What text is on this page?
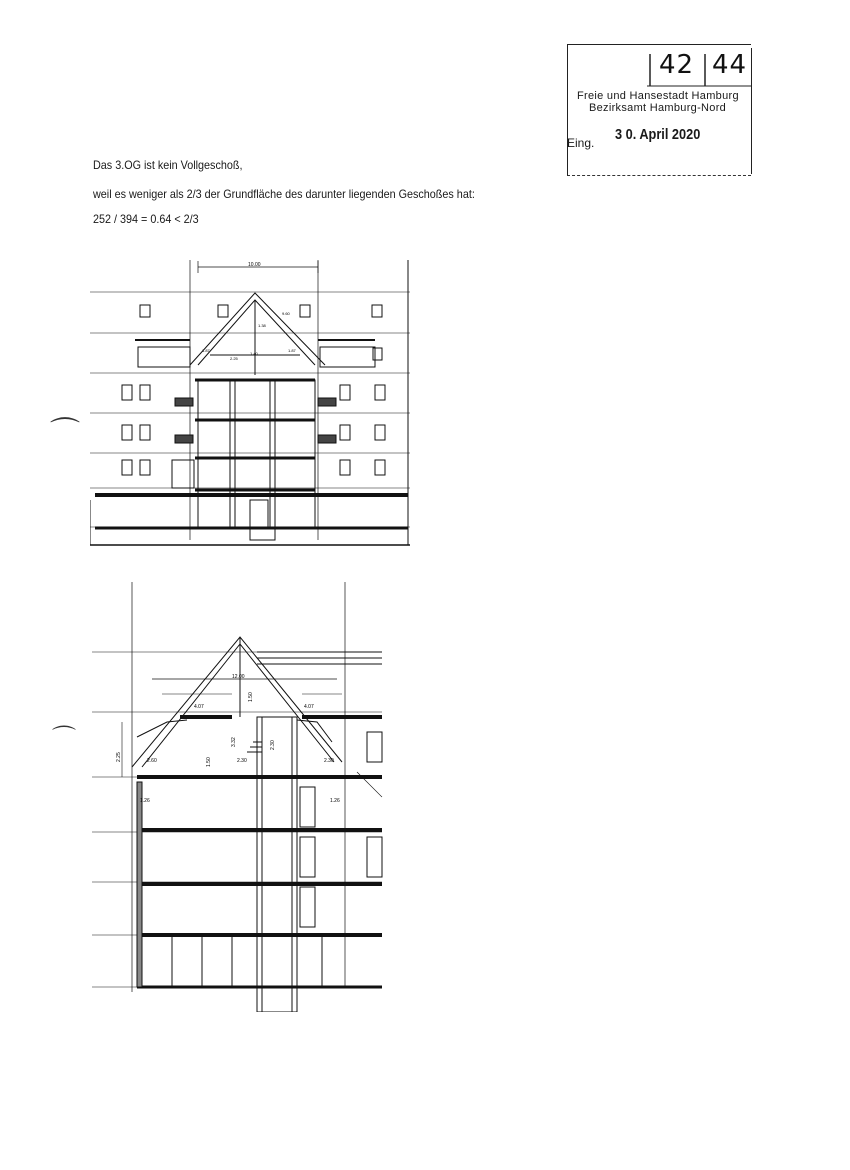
42 44
Freie und Hansestadt Hamburg
Bezirksamt Hamburg-Nord
Eing. 3 0. April 2020
Das 3.OG ist kein Vollgeschoß,
weil es weniger als 2/3 der Grundfläche des darunter liegenden Geschoßes hat:
252 / 394 = 0.64 < 2/3
⌒
⌒
10.00
9.60
1.38
1.87
2.25
1.40
1.87
12.00
4.07	4.07
1.50
2.25	2.60	1.50
3.32
2.30
2.30
2.30
1.26	1.26
